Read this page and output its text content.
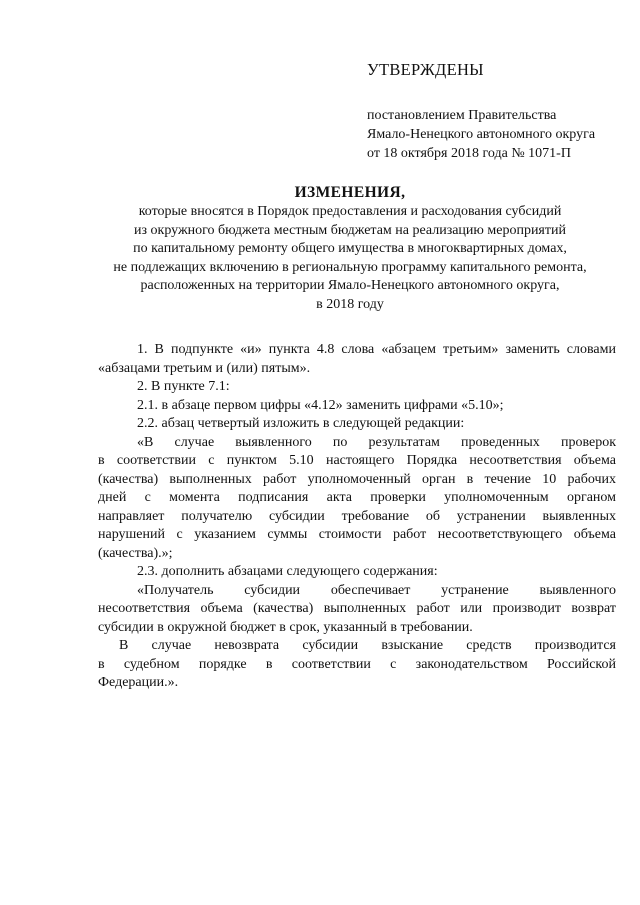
УТВЕРЖДЕНЫ
постановлением Правительства
Ямало-Ненецкого автономного округа
от 18 октября 2018 года № 1071-П
ИЗМЕНЕНИЯ,
которые вносятся в Порядок предоставления и расходования субсидий
из окружного бюджета местным бюджетам на реализацию мероприятий
по капитальному ремонту общего имущества в многоквартирных домах,
не подлежащих включению в региональную программу капитального ремонта,
расположенных на территории Ямало-Ненецкого автономного округа,
в 2018 году
1. В подпункте «и» пункта 4.8 слова «абзацем третьим» заменить словами
«абзацами третьим и (или) пятым».
2. В пункте 7.1:
2.1. в абзаце первом цифры «4.12» заменить цифрами «5.10»;
2.2. абзац четвертый изложить в следующей редакции:
«В случае выявленного по результатам проведенных проверок
в соответствии с пунктом 5.10 настоящего Порядка несоответствия объема
(качества) выполненных работ уполномоченный орган в течение 10 рабочих
дней с момента подписания акта проверки уполномоченным органом
направляет получателю субсидии требование об устранении выявленных
нарушений с указанием суммы стоимости работ несоответствующего объема
(качества).»;
2.3. дополнить абзацами следующего содержания:
«Получатель субсидии обеспечивает устранение выявленного
несоответствия объема (качества) выполненных работ или производит возврат
субсидии в окружной бюджет в срок, указанный в требовании.
В случае невозврата субсидии взыскание средств производится
в судебном порядке в соответствии с законодательством Российской
Федерации.».
